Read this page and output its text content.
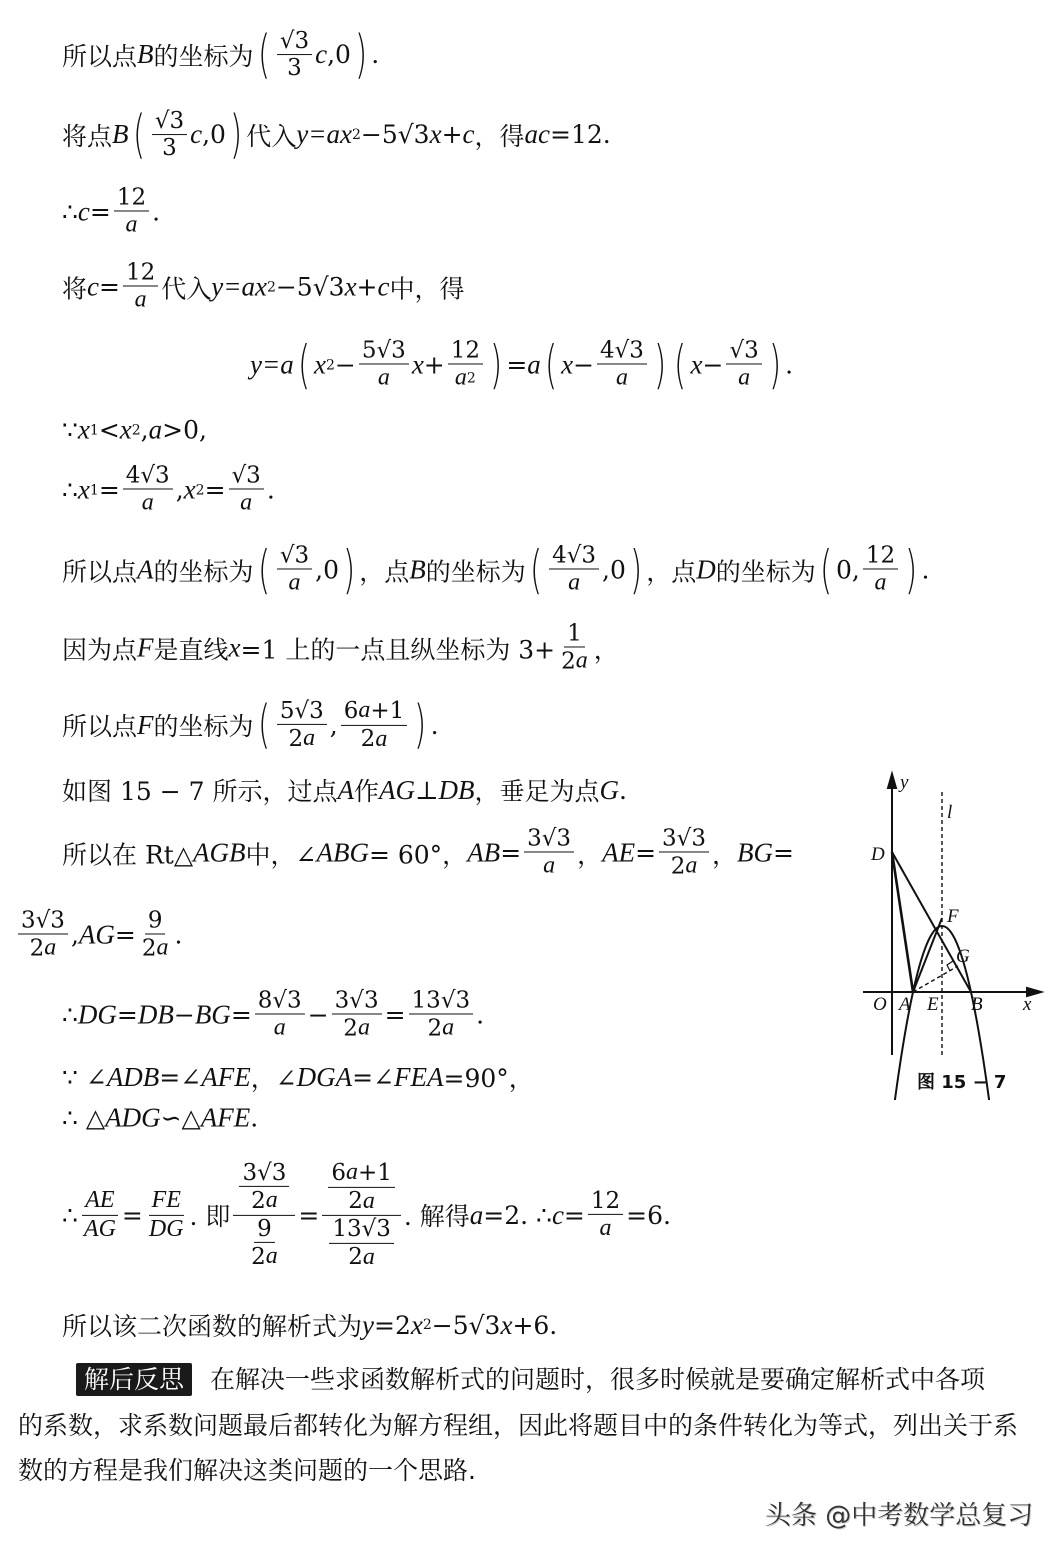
所以点 B 的坐标为 ( $\frac{√3}{3}$ c ,0 ) .
将点 B ( $\frac{√3}{3}$ c ,0 ) 代入 y=ax 2 −5√3 x + c ，得 ac =12.
∴ $c = \frac{12}{a}$ .
将 $c = \frac{12}{a}$ 代入 y=ax 2 −5√3 x + c 中，得
y=a ( x $2 - \frac{5√3}{a}$ $x + \frac{12}{a 2}$ ) = a ( $x - \frac{4√3}{a}$ ) ( $x - \frac{√3}{a}$ ) .
∵ x 1 < x 2 , a >0,
∴ x $1 = \frac{4√3}{a}$ , x $2 = \frac{√3}{a}$ .
所以点 A 的坐标为 ( $\frac{√3}{a} ,0$ ) ，点 B 的坐标为 ( $\frac{4√3}{a} ,0$ ) ，点 D 的坐标为 ( 0, $\frac{12}{a}$ ) .
因为点 F 是直线 x =1 上的一点且纵坐标为 $3+ \frac{1}{2 a}$ ，
所以点 F 的坐标为 ( $\frac{5√3}{2 a}$ , $\frac{6 a +1}{2 a}$ ) .
如图 15 − 7 所示，过点 A 作 AG ⊥ DB ，垂足为点 G .
所以在 Rt△ AGB 中，∠ ABG = 60°， AB = $\frac{3√3}{a}$ ， AE = $\frac{3√3}{2 a}$ ， BG =
$\frac{3√3}{2 a}$ , AG = $\frac{9}{2 a}$ .
∴ DG = DB − BG = $\frac{8√3}{a} - \frac{3√3}{2 a} = \frac{13√3}{2 a}$ .
∵ ∠ ADB =∠ AFE ，∠ DGA =∠ FEA =90°，
∴ △ ADG ∽△ AFE .
∴ $\frac{AE}{AG} = \frac{FE}{DG}$ . 即 $\frac{\frac{3√3}{2 a}}{\frac{9}{2 a}} = \frac{\frac{6 a +1}{2 a}}{\frac{13√3}{2 a}}$ . 解得 a =2. ∴ $c = \frac{12}{a} =6$.
所以该二次函数的解析式为 y =2 x 2 −5√3 x +6.
解后反思 在解决一些求函数解析式的问题时，很多时候就是要确定解析式中各项
的系数，求系数问题最后都转化为解方程组，因此将题目中的条件转化为等式，列出关于系
数的方程是我们解决这类问题的一个思路.
y
l
D
F
G
O A E B x
图 15 − 7
头条 @中考数学总复习
